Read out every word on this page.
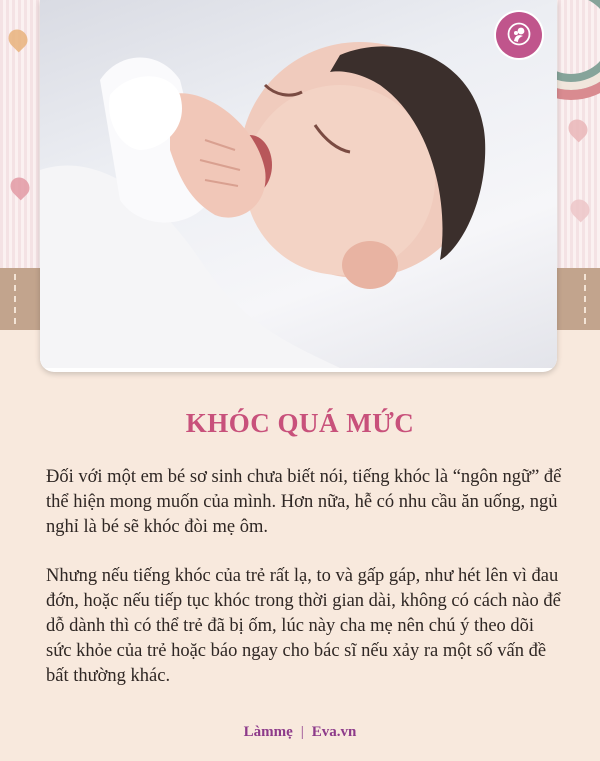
KHÓC QUÁ MỨC

Đối với một em bé sơ sinh chưa biết nói, tiếng khóc là “ngôn ngữ” để thể hiện mong muốn của mình. Hơn nữa, hễ có nhu cầu ăn uống, ngủ nghỉ là bé sẽ khóc đòi mẹ ôm.

Nhưng nếu tiếng khóc của trẻ rất lạ, to và gấp gáp, như hét lên vì đau đớn, hoặc nếu tiếp tục khóc trong thời gian dài, không có cách nào để dỗ dành thì có thể trẻ đã bị ốm, lúc này cha mẹ nên chú ý theo dõi sức khỏe của trẻ hoặc báo ngay cho bác sĩ nếu xảy ra một số vấn đề bất thường khác.

Làmmẹ | Eva.vn
